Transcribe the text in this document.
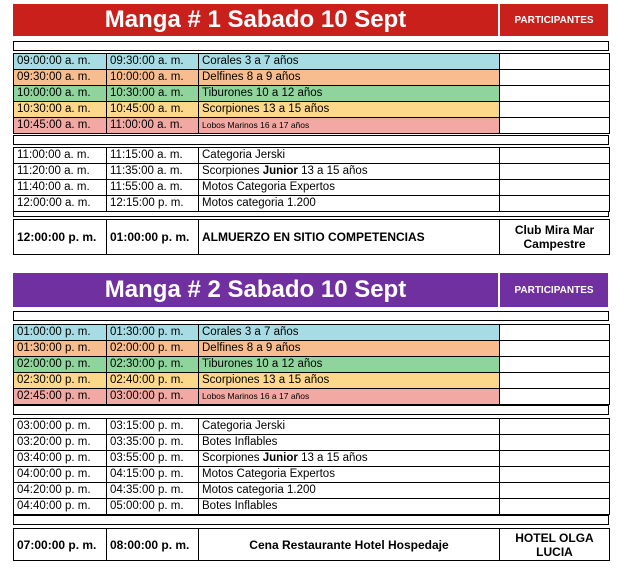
Manga # 1 Sabado 10 Sept	PARTICIPANTES
09:00:00 a. m.	09:30:00 a. m.	Corales 3 a 7 años	
09:30:00 a. m.	10:00:00 a. m.	Delfines 8 a 9 años	
10:00:00 a. m.	10:30:00 a. m.	Tiburones 10 a 12 años	
10:30:00 a. m.	10:45:00 a. m.	Scorpiones 13 a 15 años	
10:45:00 a. m.	11:00:00 a. m.	Lobos Marinos 16 a 17 años	
11:00:00 a. m.	11:15:00 a. m.	Categoria Jerski	
11:20:00 a. m.	11:35:00 a. m.	Scorpiones Junior 13 a 15 años	
11:40:00 a. m.	11:55:00 a. m.	Motos Categoria Expertos	
12:00:00 a. m.	12:15:00 p. m.	Motos categoria 1.200	
12:00:00 p. m.	01:00:00 p. m.	ALMUERZO EN SITIO COMPETENCIAS	Club Mira Mar Campestre
Manga # 2 Sabado 10 Sept	PARTICIPANTES
01:00:00 p. m.	01:30:00 p. m.	Corales 3 a 7 años	
01:30:00 p. m.	02:00:00 p. m.	Delfines 8 a 9 años	
02:00:00 p. m.	02:30:00 p. m.	Tiburones 10 a 12 años	
02:30:00 p. m.	02:40:00 p. m.	Scorpiones 13 a 15 años	
02:45:00 p. m.	03:00:00 p. m.	Lobos Marinos 16 a 17 años	
03:00:00 p. m.	03:15:00 p. m.	Categoria Jerski	
03:20:00 p. m.	03:35:00 p. m.	Botes Inflables	
03:40:00 p. m.	03:55:00 p. m.	Scorpiones Junior 13 a 15 años	
04:00:00 p. m.	04:15:00 p. m.	Motos Categoria Expertos	
04:20:00 p. m.	04:35:00 p. m.	Motos categoria 1.200	
04:40:00 p. m.	05:00:00 p. m.	Botes Inflables	
07:00:00 p. m.	08:00:00 p. m.	Cena Restaurante Hotel Hospedaje	HOTEL OLGA LUCIA
